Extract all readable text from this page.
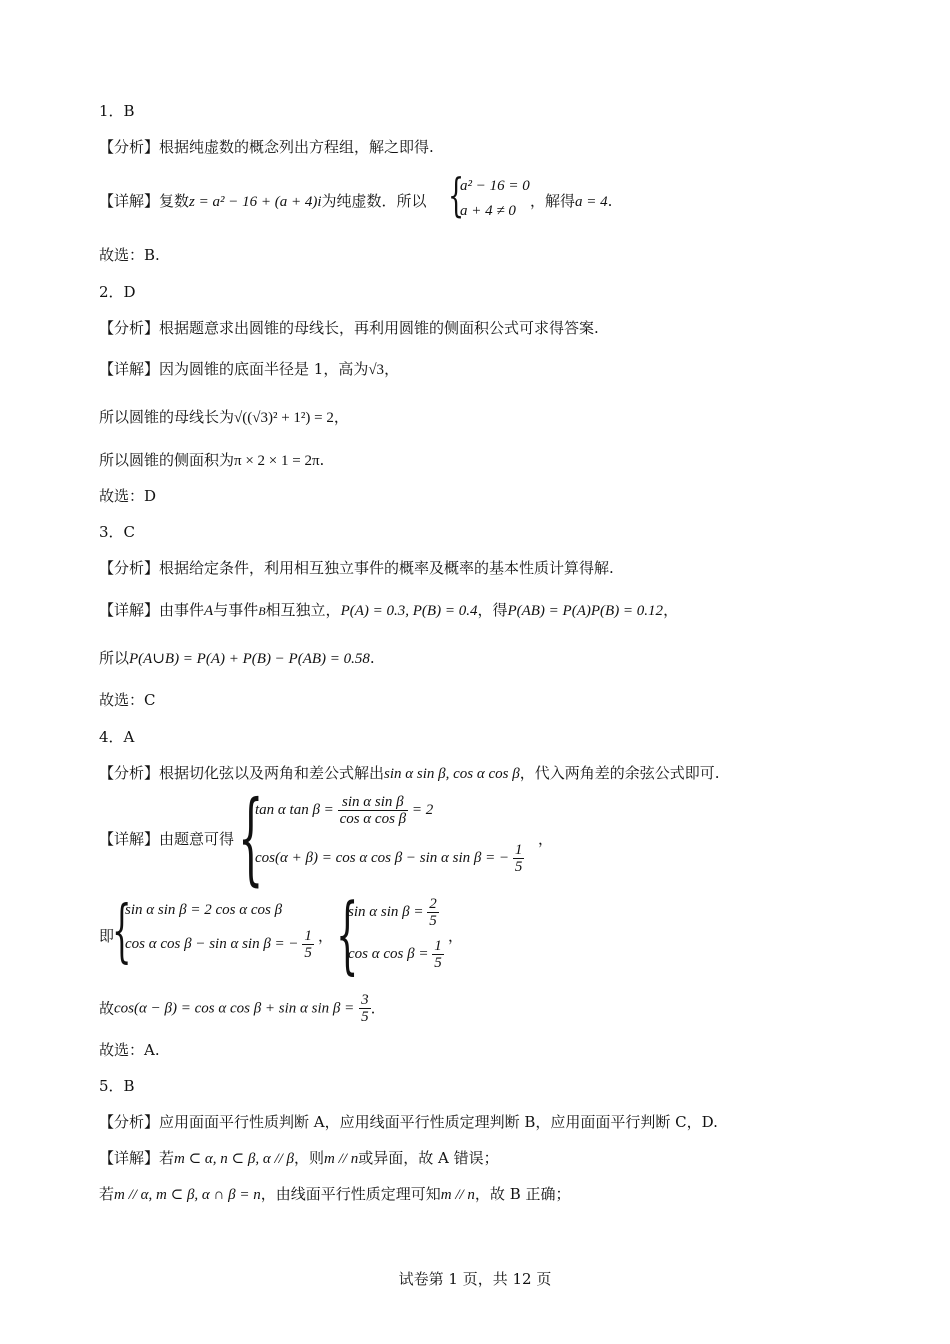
1．B
【分析】根据纯虚数的概念列出方程组，解之即得.
【详解】复数z = a² − 16 + (a + 4)i为纯虚数．所以 {
a² − 16 = 0
a + 4 ≠ 0
，解得a = 4.
故选：B.
2．D
【分析】根据题意求出圆锥的母线长，再利用圆锥的侧面积公式可求得答案.
【详解】因为圆锥的底面半径是 1，高为√3，
所以圆锥的母线长为√((√3)² + 1²) = 2，
所以圆锥的侧面积为π × 2 × 1 = 2π.
故选：D
3．C
【分析】根据给定条件，利用相互独立事件的概率及概率的基本性质计算得解.
【详解】由事件A与事件B相互独立，P(A) = 0.3, P(B) = 0.4，得P(AB) = P(A)P(B) = 0.12，
所以P(A∪B) = P(A) + P(B) − P(AB) = 0.58.
故选：C
4．A
【分析】根据切化弦以及两角和差公式解出sin α sin β, cos α cos β，代入两角差的余弦公式即可.
【详解】由题意可得 {
tan α $\tan \beta = \frac{\text{sin α sin β}}{\text{cos α cos β}} = 2$
cos(α + β) = cos α cos β − sin α sin β = − $\frac{1}{5}$
，
即
{
sin α sin β = 2 cos α cos β
cos α cos β − sin α sin β = − $\frac{1}{5}$ ， {
sin α $\sin \beta = \frac{2}{5}$
cos α $\cos \beta = \frac{1}{5}$
，
故cos(α − β) = cos α cos β + sin α $\sin \beta = \frac{3}{5}$ .
故选：A.
5．B
【分析】应用面面平行性质判断 A，应用线面平行性质定理判断 B，应用面面平行判断 C，D.
【详解】若m ⊂ α, n ⊂ β, α // β，则m // n或异面，故 A 错误；
若m // α, m ⊂ β, α ∩ β = n，由线面平行性质定理可知m // n，故 B 正确；
试卷第 1 页，共 12 页
